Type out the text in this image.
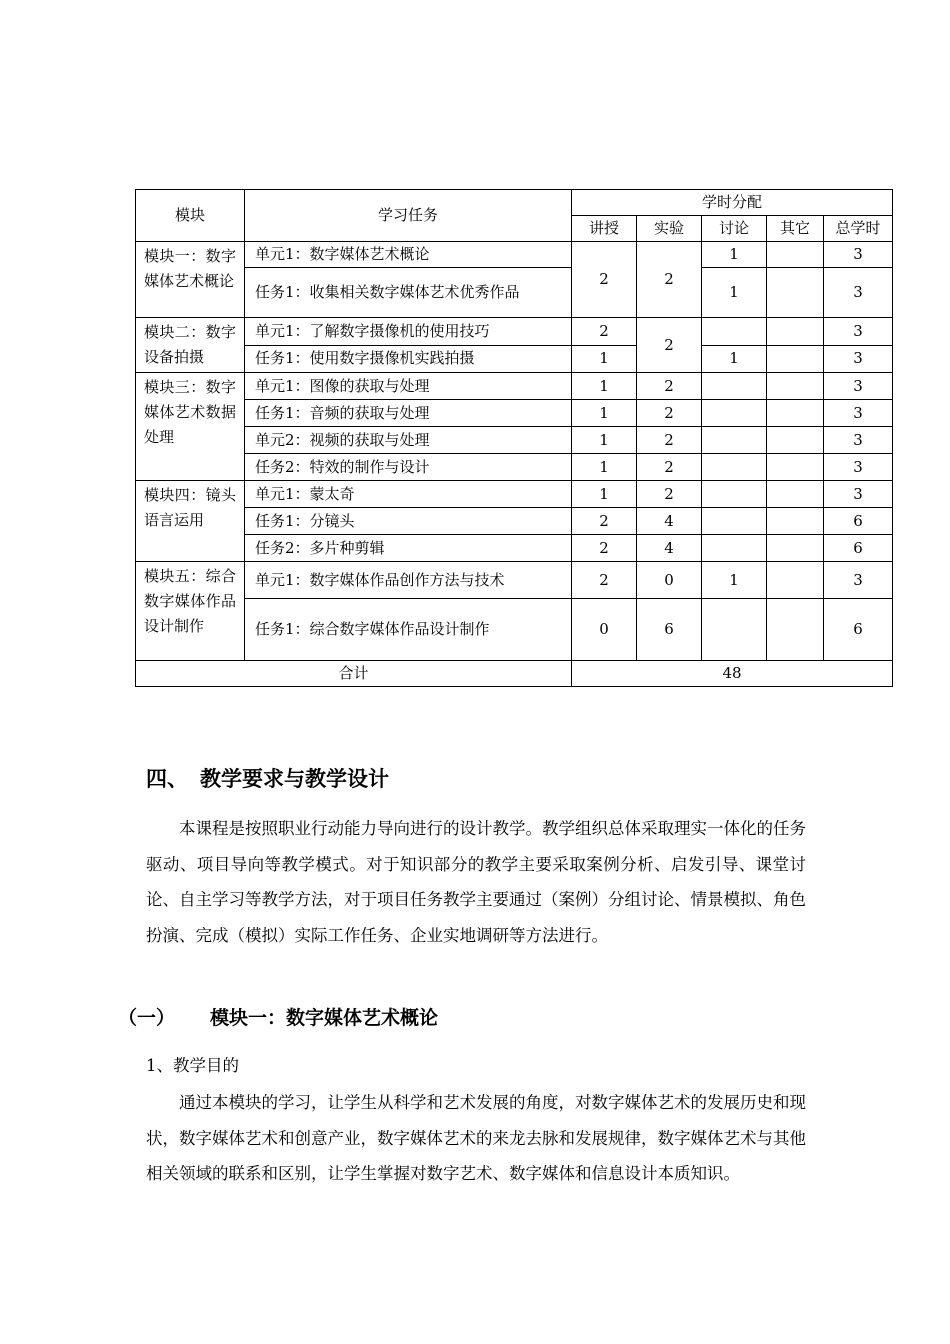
模块	学习任务	学时分配				
		讲授	实验	讨论	其它	总学时
模块一：数字媒体艺术概论	单元1：数字媒体艺术概论	2	2	1		3
	任务1：收集相关数字媒体艺术优秀作品			1		3
模块二：数字设备拍摄	单元1：了解数字摄像机的使用技巧	2	2			3
	任务1：使用数字摄像机实践拍摄	1		1		3
模块三：数字媒体艺术数据处理	单元1：图像的获取与处理	1	2			3
	任务1：音频的获取与处理	1	2			3
	单元2：视频的获取与处理	1	2			3
	任务2：特效的制作与设计	1	2			3
模块四：镜头语言运用	单元1：蒙太奇	1	2			3
	任务1：分镜头	2	4			6
	任务2：多片种剪辑	2	4			6
模块五：综合数字媒体作品设计制作	单元1：数字媒体作品创作方法与技术	2	0	1		3
	任务1：综合数字媒体作品设计制作	0	6			6
合计		48				
四、 教学要求与教学设计

本课程是按照职业行动能力导向进行的设计教学。教学组织总体采取理实一体化的任务驱动、项目导向等教学模式。对于知识部分的教学主要采取案例分析、启发引导、课堂讨论、自主学习等教学方法，对于项目任务教学主要通过（案例）分组讨论、情景模拟、角色扮演、完成（模拟）实际工作任务、企业实地调研等方法进行。

（一） 模块一：数字媒体艺术概论
1、教学目的

通过本模块的学习，让学生从科学和艺术发展的角度，对数字媒体艺术的发展历史和现状，数字媒体艺术和创意产业，数字媒体艺术的来龙去脉和发展规律，数字媒体艺术与其他相关领域的联系和区别，让学生掌握对数字艺术、数字媒体和信息设计本质知识。
